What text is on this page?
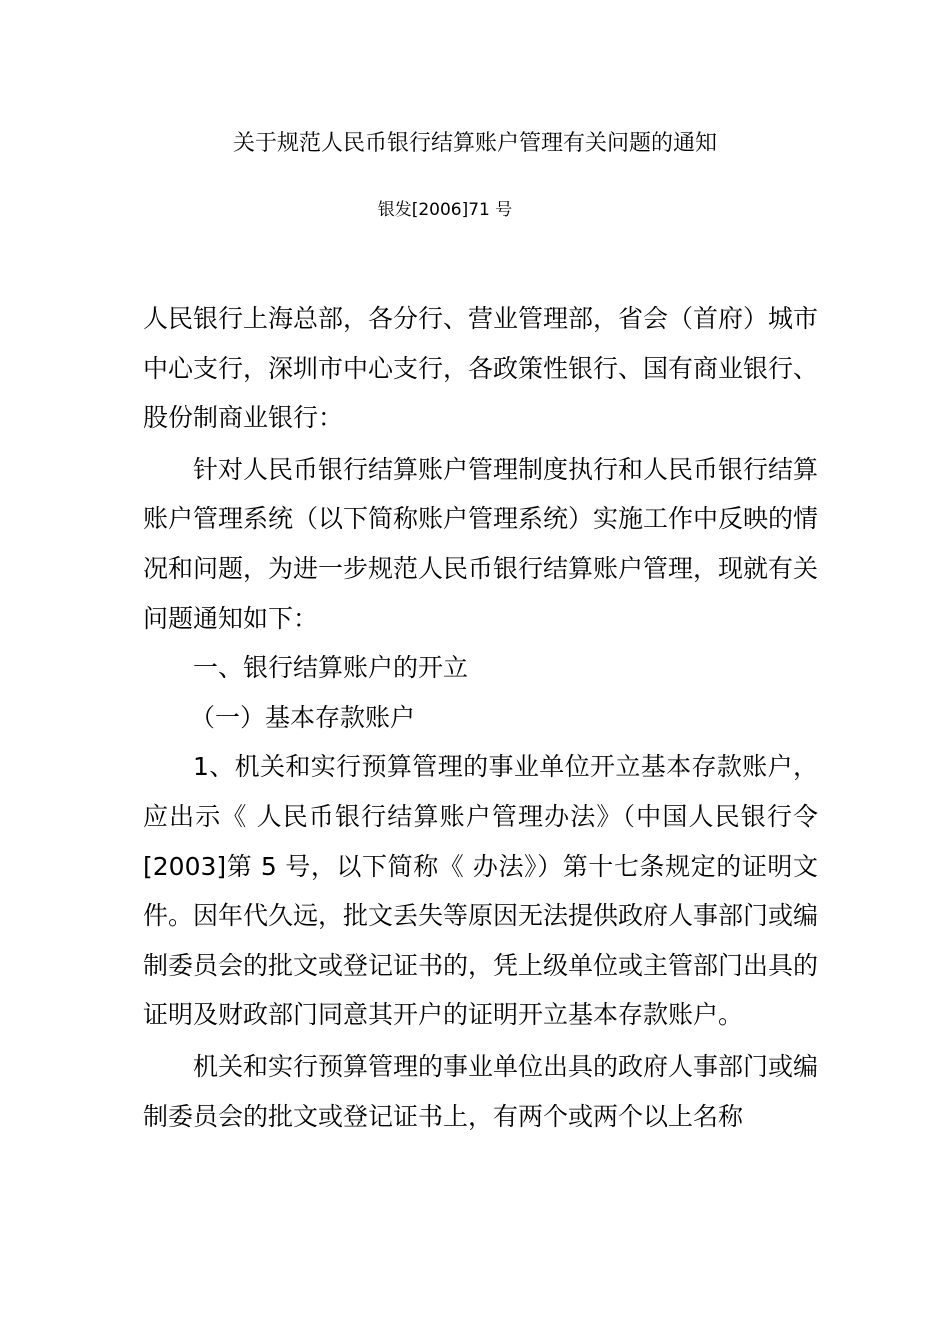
关于规范人民币银行结算账户管理有关问题的通知
银发[2006]71 号

人民银行上海总部，各分行、营业管理部，省会（首府）城市中心支行，深圳市中心支行，各政策性银行、国有商业银行、股份制商业银行：

针对人民币银行结算账户管理制度执行和人民币银行结算账户管理系统（以下简称账户管理系统）实施工作中反映的情况和问题，为进一步规范人民币银行结算账户管理，现就有关问题通知如下：

一、银行结算账户的开立

（一）基本存款账户

1、机关和实行预算管理的事业单位开立基本存款账户，应出示《 人民币银行结算账户管理办法》（中国人民银行令[2003]第 5 号，以下简称《 办法》）第十七条规定的证明文件。因年代久远，批文丢失等原因无法提供政府人事部门或编制委员会的批文或登记证书的，凭上级单位或主管部门出具的证明及财政部门同意其开户的证明开立基本存款账户。

机关和实行预算管理的事业单位出具的政府人事部门或编制委员会的批文或登记证书上，有两个或两个以上名称
